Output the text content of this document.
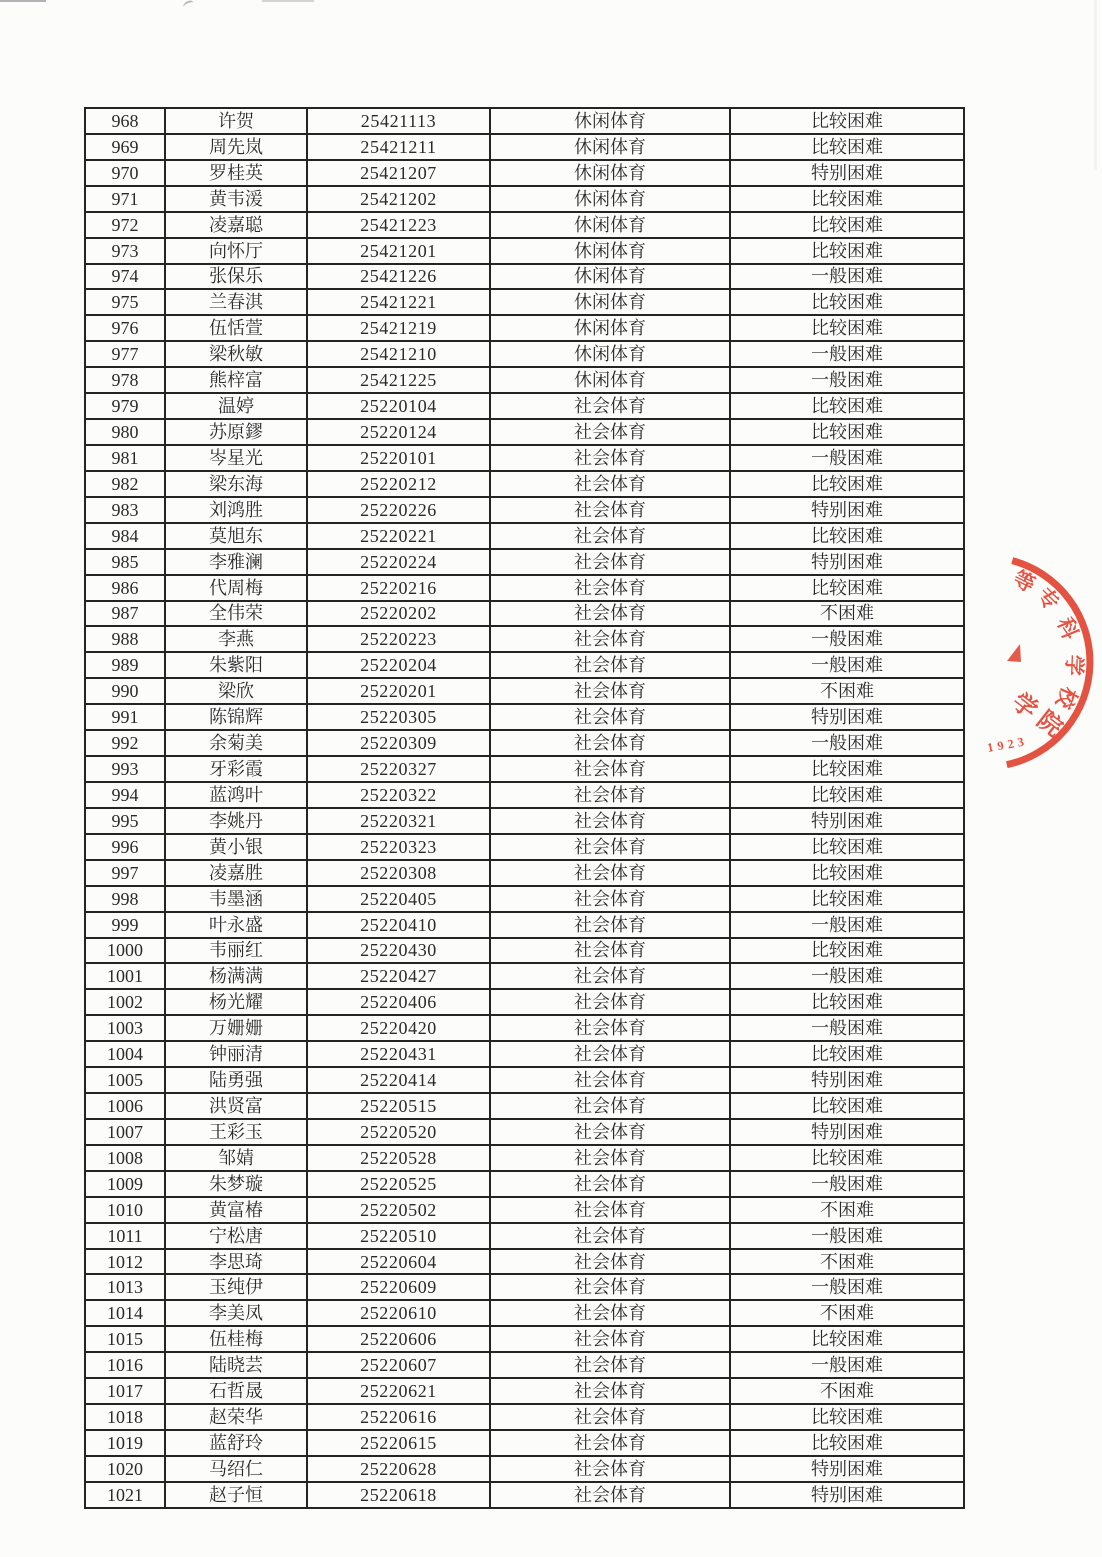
968	许贺	25421113	休闲体育	比较困难
969	周先岚	25421211	休闲体育	比较困难
970	罗桂英	25421207	休闲体育	特别困难
971	黄韦湲	25421202	休闲体育	比较困难
972	凌嘉聪	25421223	休闲体育	比较困难
973	向怀厅	25421201	休闲体育	比较困难
974	张保乐	25421226	休闲体育	一般困难
975	兰春淇	25421221	休闲体育	比较困难
976	伍恬萱	25421219	休闲体育	比较困难
977	梁秋敏	25421210	休闲体育	一般困难
978	熊梓富	25421225	休闲体育	一般困难
979	温婷	25220104	社会体育	比较困难
980	苏原鏐	25220124	社会体育	比较困难
981	岑星光	25220101	社会体育	一般困难
982	梁东海	25220212	社会体育	比较困难
983	刘鸿胜	25220226	社会体育	特别困难
984	莫旭东	25220221	社会体育	比较困难
985	李雅澜	25220224	社会体育	特别困难
986	代周梅	25220216	社会体育	比较困难
987	全伟荣	25220202	社会体育	不困难
988	李燕	25220223	社会体育	一般困难
989	朱紫阳	25220204	社会体育	一般困难
990	梁欣	25220201	社会体育	不困难
991	陈锦辉	25220305	社会体育	特别困难
992	余菊美	25220309	社会体育	一般困难
993	牙彩霞	25220327	社会体育	比较困难
994	蓝鸿叶	25220322	社会体育	比较困难
995	李姚丹	25220321	社会体育	特别困难
996	黄小银	25220323	社会体育	比较困难
997	凌嘉胜	25220308	社会体育	比较困难
998	韦墨涵	25220405	社会体育	比较困难
999	叶永盛	25220410	社会体育	一般困难
1000	韦丽红	25220430	社会体育	比较困难
1001	杨满满	25220427	社会体育	一般困难
1002	杨光耀	25220406	社会体育	比较困难
1003	万姗姗	25220420	社会体育	一般困难
1004	钟丽清	25220431	社会体育	比较困难
1005	陆勇强	25220414	社会体育	特别困难
1006	洪贤富	25220515	社会体育	比较困难
1007	王彩玉	25220520	社会体育	特别困难
1008	邹婧	25220528	社会体育	比较困难
1009	朱梦璇	25220525	社会体育	一般困难
1010	黄富椿	25220502	社会体育	不困难
1011	宁松唐	25220510	社会体育	一般困难
1012	李思琦	25220604	社会体育	不困难
1013	玉纯伊	25220609	社会体育	一般困难
1014	李美凤	25220610	社会体育	不困难
1015	伍桂梅	25220606	社会体育	比较困难
1016	陆晓芸	25220607	社会体育	一般困难
1017	石哲晟	25220621	社会体育	不困难
1018	赵荣华	25220616	社会体育	比较困难
1019	蓝舒玲	25220615	社会体育	比较困难
1020	马绍仁	25220628	社会体育	特别困难
1021	赵子恒	25220618	社会体育	特别困难
等
专
科
学
校
学
院
1923
